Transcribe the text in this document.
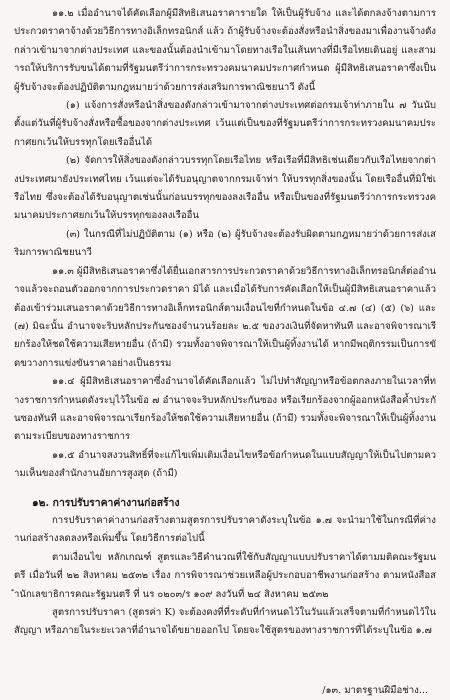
๑๑.๒ เมื่ออำนาจได้คัดเลือกผู้มีสิทธิเสนอราคารายใด ให้เป็นผู้รับจ้าง และได้ตกลงจ้างตามการประกวดราคาจ้างด้วยวิธีการทางอิเล็กทรอนิกส์ แล้ว ถ้าผู้รับจ้างจะต้องสั่งหรือนำสิ่งของมาเพื่องานจ้างดังกล่าวเข้ามาจากต่างประเทศ และของนั้นต้องนำเข้ามาโดยทางเรือในเส้นทางที่มีเรือไทยเดินอยู่ และสามารถให้บริการรับขนได้ตามที่รัฐมนตรีว่าการกระทรวงคมนาคมประกาศกำหนด ผู้มีสิทธิเสนอราคาซึ่งเป็นผู้รับจ้างจะต้องปฏิบัติตามกฎหมายว่าด้วยการส่งเสริมการพาณิชยนาวี ดังนี้

(๑) แจ้งการสั่งหรือนำสิ่งของดังกล่าวเข้ามาจากต่างประเทศต่อกรมเจ้าท่าภายใน ๗ วันนับตั้งแต่วันที่ผู้รับจ้างสั่งหรือซื้อของจากต่างประเทศ เว้นแต่เป็นของที่รัฐมนตรีว่าการกระทรวงคมนาคมประกาศยกเว้นให้บรรทุกโดยเรืออื่นได้

(๒) จัดการให้สิ่งของดังกล่าวบรรทุกโดยเรือไทย หรือเรือที่มีสิทธิเช่นเดียวกับเรือไทยจากต่างประเทศมายังประเทศไทย เว้นแต่จะได้รับอนุญาตจากกรมเจ้าท่า ให้บรรทุกสิ่งของนั้น โดยเรืออื่นที่มิใช่เรือไทย ซึ่งจะต้องได้รับอนุญาตเช่นนั้นก่อนบรรทุกของลงเรืออื่น หรือเป็นของที่รัฐมนตรีว่าการกระทรวงคมนาคมประกาศยกเว้นให้บรรทุกของลงเรืออื่น

(๓) ในกรณีที่ไม่ปฏิบัติตาม (๑) หรือ (๒) ผู้รับจ้างจะต้องรับผิดตามกฎหมายว่าด้วยการส่งเสริมการพาณิชยนาวี

๑๑.๓ ผู้มีสิทธิเสนอราคาซึ่งได้ยื่นเอกสารการประกวดราคาด้วยวิธีการทางอิเล็กทรอนิกส์ต่ออำนาจแล้วจะถอนตัวออกจากการประกวดราคา มิได้ และเมื่อได้รับการคัดเลือกให้เป็นผู้มีสิทธิเสนอราคาแล้วต้องเข้าร่วมเสนอราคาด้วยวิธีการทางอิเล็กทรอนิกส์ตามเงื่อนไขที่กำหนดในข้อ ๔.๗ (๔) (๕) (๖) และ (๗) มิฉะนั้น อำนาจจะริบหลักประกันซองจำนวนร้อยละ ๒.๕ ของวงเงินที่จัดหาทันที และอาจพิจารณาเรียกร้องให้ชดใช้ความเสียหายอื่น (ถ้ามี) รวมทั้งอาจพิจารณาให้เป็นผู้ทิ้งงานได้ หากมีพฤติกรรมเป็นการขัดขวางการแข่งขันราคาอย่างเป็นธรรม

๑๑.๔ ผู้มีสิทธิเสนอราคาซึ่งอำนาจได้คัดเลือกแล้ว ไม่ไปทำสัญญาหรือข้อตกลงภายในเวลาที่ทางราชการกำหนดดังระบุไว้ในข้อ ๗ อำนาจจะริบหลักประกันซอง หรือเรียกร้องจากผู้ออกหนังสือค้ำประกันซองทันที และอาจพิจารณาเรียกร้องให้ชดใช้ความเสียหายอื่น (ถ้ามี) รวมทั้งจะพิจารณาให้เป็นผู้ทิ้งงานตามระเบียบของทางราชการ

๑๑.๕ อำนาจสงวนสิทธิ์ที่จะแก้ไขเพิ่มเติมเงื่อนไขหรือข้อกำหนดในแบบสัญญาให้เป็นไปตามความเห็นของสำนักงานอัยการสูงสุด (ถ้ามี)

๑๒. การปรับราคาค่างานก่อสร้าง

การปรับราคาค่างานก่อสร้างตามสูตรการปรับราคาดังระบุในข้อ ๑.๗ จะนำมาใช้ในกรณีที่ค่างานก่อสร้างลดลงหรือเพิ่มขึ้น โดยวิธีการต่อไปนี้

ตามเงื่อนไข หลักเกณฑ์ สูตรและวิธีคำนวณที่ใช้กับสัญญาแบบปรับราคาได้ตามมติคณะรัฐมนตรี เมื่อวันที่ ๒๒ สิงหาคม ๒๕๓๒ เรื่อง การพิจารณาช่วยเหลือผู้ประกอบอาชีพงานก่อสร้าง ตามหนังสือสำนักเลขาธิการคณะรัฐมนตรี ที่ นร ๐๒๐๓/ร ๑๐๙ ลงวันที่ ๒๔ สิงหาคม ๒๕๓๒

สูตรการปรับราคา (สูตรค่า K) จะต้องคงที่ที่ระดับที่กำหนดไว้ในวันแล้วเสร็จตามที่กำหนดไว้ในสัญญา หรือภายในระยะเวลาที่อำนาจได้ขยายออกไป โดยจะใช้สูตรของทางราชการที่ได้ระบุในข้อ ๑.๗

/๑๓. มาตรฐานฝีมือช่าง...
